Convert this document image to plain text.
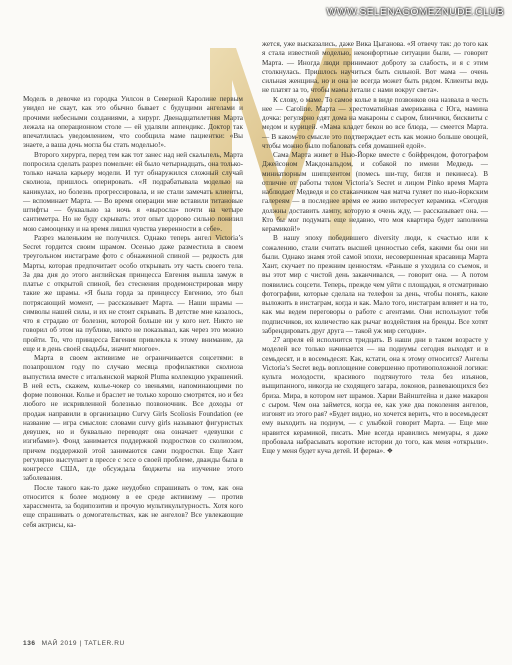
WWW.SELENAGOMEZNUDE.CLUB

Модель в девочке из городка Уилсон в Северной Каролине первым увидел не скаут, как это обычно бывает с будущими ангелами и прочими небесными созданиями, а хирург. Двенадцатилетняя Марта лежала на операционном столе — ей удаляли аппендикс. Доктор так впечатлилась уведомлением, что сообщила маме пациентки: «Вы знаете, а ваша дочь могла бы стать моделью!».

Второго хирурга, перед тем как тот занес над ней скальпель, Марта попросила сделать разрез помельче: ей было четырнадцать, она только-только начала карьеру модели. И тут обнаружился сложный случай сколиоза, пришлось оперировать. «Я подрабатывала моделью на каникулах, но болезнь прогрессировала, и не стали замечать клиенты, — вспоминает Марта. — Во время операции мне вставили титановые штифты — буквально за ночь я «выросла» почти на четыре сантиметра. Но не буду скрывать: этот опыт здорово сильно понизил мою самооценку и на время лишил чувства уверенности в себе».

Разрез маленьким не получился. Однако теперь ангел Victoria’s Secret гордится своим шрамом. Осенью даже разместила в своем треугольном инстаграме фото с обнаженной спиной — редкость для Марты, которая предпочитает особо открывать эту часть своего тела. За два дня до этого английская принцесса Евгения вышла замуж в платье с открытой спиной, без стеснения продемонстрировав миру такие же шрамы. «Я была горда за принцессу Евгению, это был потрясающий момент, — рассказывает Марта. — Наши шрамы — символы нашей силы, и их не стоит скрывать. В детстве мне казалось, что я страдаю от болезни, которой больше ни у кого нет. Никто не говорил об этом на публике, никто не показывал, как через это можно пройти. То, что принцесса Евгения привлекла к этому внимание, да еще и в день своей свадьбы, значит многое».

Марта в своем активизме не ограничивается соцсетями: в позапрошлом году по случаю месяца профилактики сколиоза выпустила вместе с итальянской маркой Pluma коллекцию украшений. В ней есть, скажем, колье-чокер со звеньями, напоминающими по форме позвонки. Колье и браслет не только хорошо смотрятся, но и без любого не искривленной болезнью позвоночник. Все доходы от продаж направили в организацию Curvy Girls Scoliosis Foundation (ее название — игра смыслов: словами curvy girls называют фигуристых девушек, но и буквально переводят она означает «девушки с изгибами»). Фонд занимается поддержкой подростков со сколиозом, причем поддержкой этой занимаются сами подростки. Еще Хант регулярно выступает в прессе с эссе о своей проблеме, дважды была в конгрессе США, где обсуждала бюджеты на изучение этого заболевания.

После такого как-то даже неудобно спрашивать о том, как она относится к более модному в ее среде активизму — против харассмента, за бодипозитив и прочую мультикультурность. Хотя кого еще спрашивать о домогательствах, как не ангелов? Все увлекающие себя актрисы, ка-

жется, уже высказались, даже Вика Цыганова. «Я отвечу так: до того как я стала известной моделью, неконфортные ситуации были, — говорит Марта. — Иногда люди принимают доброту за слабость, и я с этим столкнулась. Пришлось научиться быть сильной. Вот мама — очень сильная женщина, но и она не всегда может быть рядом. Клиенты ведь не платят за то, чтобы мамы летали с нами вокруг света».

К слову, о маме. То самое колье в виде позвонков она назвала в честь нее — Caroline. Марта — хрестоматийная американка с Юга, мамина дочка: регулярно едят дома на макароны с сыром, блинчики, бисквиты с медом и курицей. «Мама кладет бекон во все блюда, — смеется Марта. — В каком-то смысле это подтверждает есть как можно больше овощей, чтобы можно было побаловать себя домашней едой».

Сама Марта живет в Нью-Йорке вместе с бойфрендом, фотографом Джейсоном Макдональдом, и собакой по имени Медведь — миниатюрным шипцхентом (помесь ши-тцу, бигля и пекинеса). В отличие от работы телом Victoria’s Secret и лицом Pinko время Марта наблюдает Медведя и со стаканчиком чая матча гуляет по нью-йоркским галереям — в последнее время ее живо интересует керамика. «Сегодня должны доставить лампу, которую я очень жду, — рассказывает она. — Кто бы мог подумать еще недавно, что моя квартира будет заполнена керамикой!»

В нашу эпоху победившего diversity люди, к счастью или к сожалению, стали считать высшей ценностью себя, какими бы они ни были. Однако знамя этой самой эпохи, несовершенная красавица Марта Хант, скучает по прежним ценностям. «Раньше я уходила со съемок, и вы этот мир с чистой день заканчивался, — говорит она. — А потом появились соцсети. Теперь, прежде чем уйти с площадки, я отсматриваю фотографии, которые сделала на телефон за день, чтобы понять, какие выложить в инстаграм, когда и как. Мало того, инстаграм влияет и на то, как мы ведем переговоры о работе с агентами. Они используют тебя подписчиков, их количество как рычаг воздействия на бренды. Все хотят забрендировать друг друга — такой уж мир сегодня».

27 апреля ей исполнится тридцать. В наши дни в таком возрасте у моделей все только начинается — на подиумы сегодня выходят и в семьдесят, и в восемьдесят. Как, кстати, она к этому относится? Ангелы Victoria’s Secret ведь воплощение совершенно противоположной логики: культа молодости, красивого подтянутого тела без изъянов, выщипанного, никогда не сходящего загара, локонов, развевающихся без бриза. Мира, в котором нет шрамов. Харви Вайнштейна и даже макарон с сыром. Чем она займется, когда ее, как уже два поколения ангелов, изгонят из этого рая? «Будет видно, но хочется верить, что в восемьдесят ему выходить на подиум, — с улыбкой говорит Марта. — Еще мне нравится керамикой, писать. Мне всегда нравились мемуары, я даже пробовала набрасывать короткие истории до того, как меня «открыли». Еще у меня будет куча детей. И ферма». ❖

136 МАЙ 2019 | TATLER.RU
